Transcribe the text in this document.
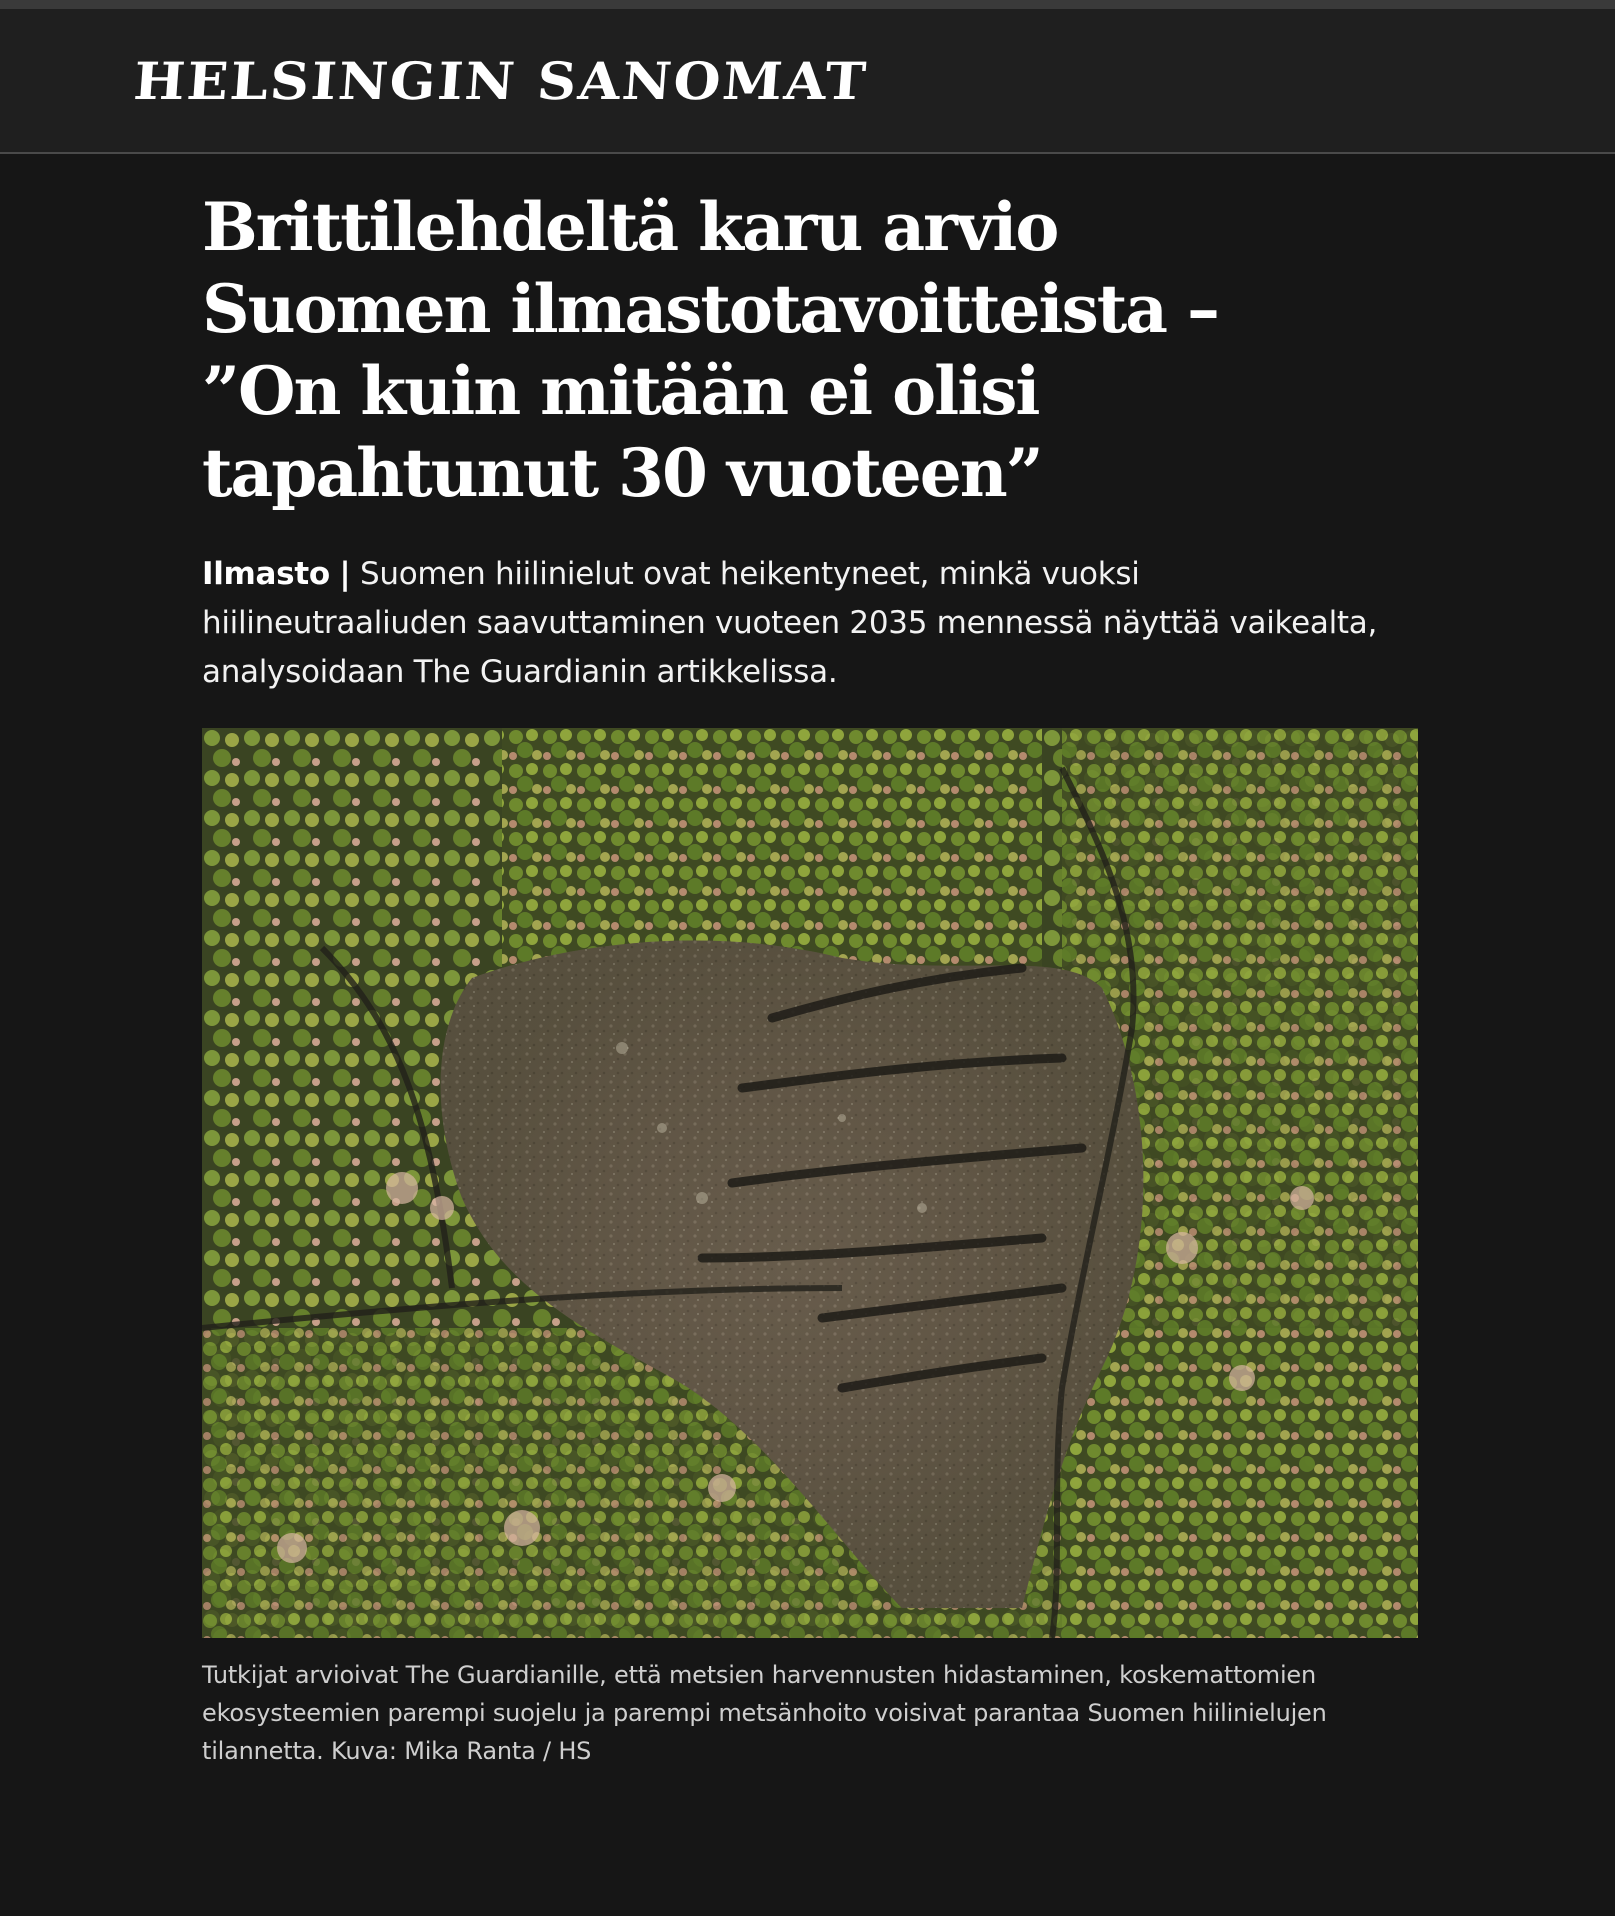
HELSINGIN SANOMAT
Brittilehdeltä karu arvio Suomen ilmastotavoitteista – ”On kuin mitään ei olisi tapahtunut 30 vuoteen”

Ilmasto | Suomen hiilinielut ovat heikentyneet, minkä vuoksi hiilineutraaliuden saavuttaminen vuoteen 2035 mennessä näyttää vaikealta, analysoidaan The Guardianin artikkelissa.

Tutkijat arvioivat The Guardianille, että metsien harvennusten hidastaminen, koskemattomien ekosysteemien parempi suojelu ja parempi metsänhoito voisivat parantaa Suomen hiilinielujen tilannetta. Kuva: Mika Ranta / HS
